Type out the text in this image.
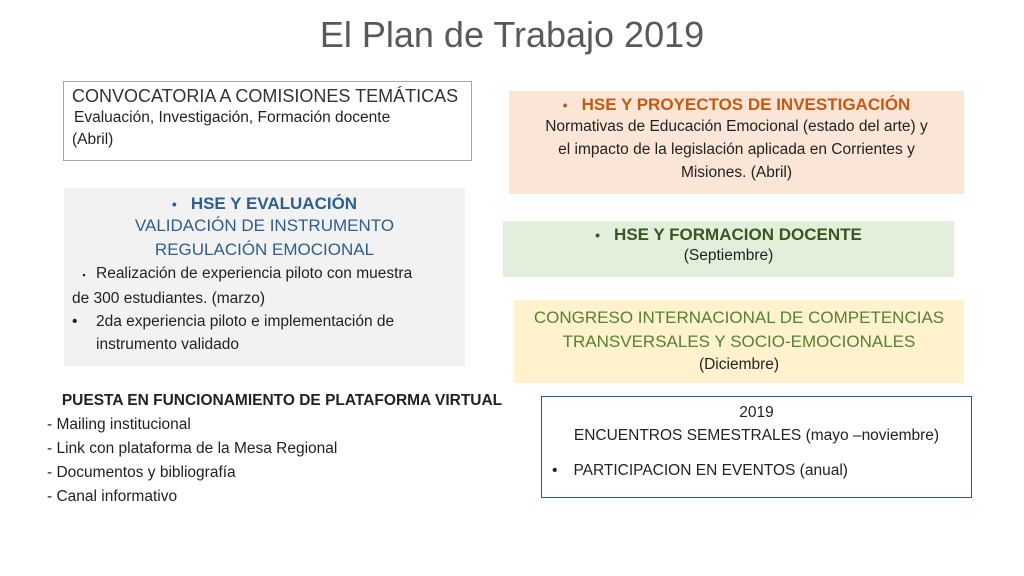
El Plan de Trabajo 2019
CONVOCATORIA A COMISIONES TEMÁTICAS
Evaluación, Investigación, Formación docente
(Abril)
• HSE Y PROYECTOS DE INVESTIGACIÓN
Normativas de Educación Emocional (estado del arte) y
el impacto de la legislación aplicada en Corrientes y
Misiones. (Abril)
• HSE Y EVALUACIÓN
VALIDACIÓN DE INSTRUMENTO
REGULACIÓN EMOCIONAL
▪ Realización de experiencia piloto con muestra
de 300 estudiantes. (marzo)
•	2da experiencia piloto e implementación de
instrumento validado
• HSE Y FORMACION DOCENTE
(Septiembre)
CONGRESO INTERNACIONAL DE COMPETENCIAS
TRANSVERSALES Y SOCIO-EMOCIONALES
(Diciembre)
PUESTA EN FUNCIONAMIENTO DE PLATAFORMA VIRTUAL
- Mailing institucional
- Link con plataforma de la Mesa Regional
- Documentos y bibliografía
- Canal informativo
2019
ENCUENTROS SEMESTRALES (mayo –noviembre)
• PARTICIPACION EN EVENTOS (anual)
